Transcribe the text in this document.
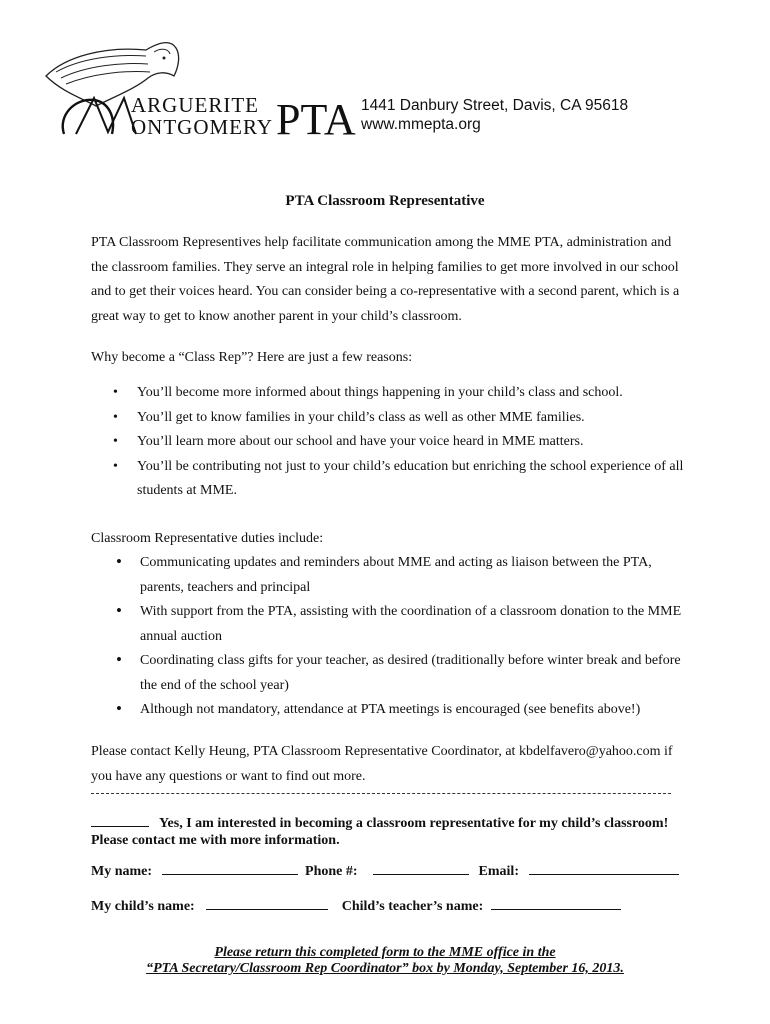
ARGUERITE
ONTGOMERY PTA 1441 Danbury Street, Davis, CA 95618
www.mmepta.org
PTA Classroom Representative
PTA Classroom Representives help facilitate communication among the MME PTA, administration and the classroom families. They serve an integral role in helping families to get more involved in our school and to get their voices heard. You can consider being a co-representative with a second parent, which is a great way to get to know another parent in your child’s classroom.
Why become a “Class Rep”? Here are just a few reasons:
• You’ll become more informed about things happening in your child’s class and school.
• You’ll get to know families in your child’s class as well as other MME families.
• You’ll learn more about our school and have your voice heard in MME matters.
• You’ll be contributing not just to your child’s education but enriching the school experience of all students at MME.
Classroom Representative duties include:
• Communicating updates and reminders about MME and acting as liaison between the PTA, parents, teachers and principal
• With support from the PTA, assisting with the coordination of a classroom donation to the MME annual auction
• Coordinating class gifts for your teacher, as desired (traditionally before winter break and before the end of the school year)
• Although not mandatory, attendance at PTA meetings is encouraged (see benefits above!)
Please contact Kelly Heung, PTA Classroom Representative Coordinator, at kbdelfavero@yahoo.com if you have any questions or want to find out more.
Yes, I am interested in becoming a classroom representative for my child’s classroom! Please contact me with more information.
My name:	Phone #:	Email:
My child’s name:	Child’s teacher’s name:
Please return this completed form to the MME office in the
“PTA Secretary/Classroom Rep Coordinator” box by Monday, September 16, 2013.
